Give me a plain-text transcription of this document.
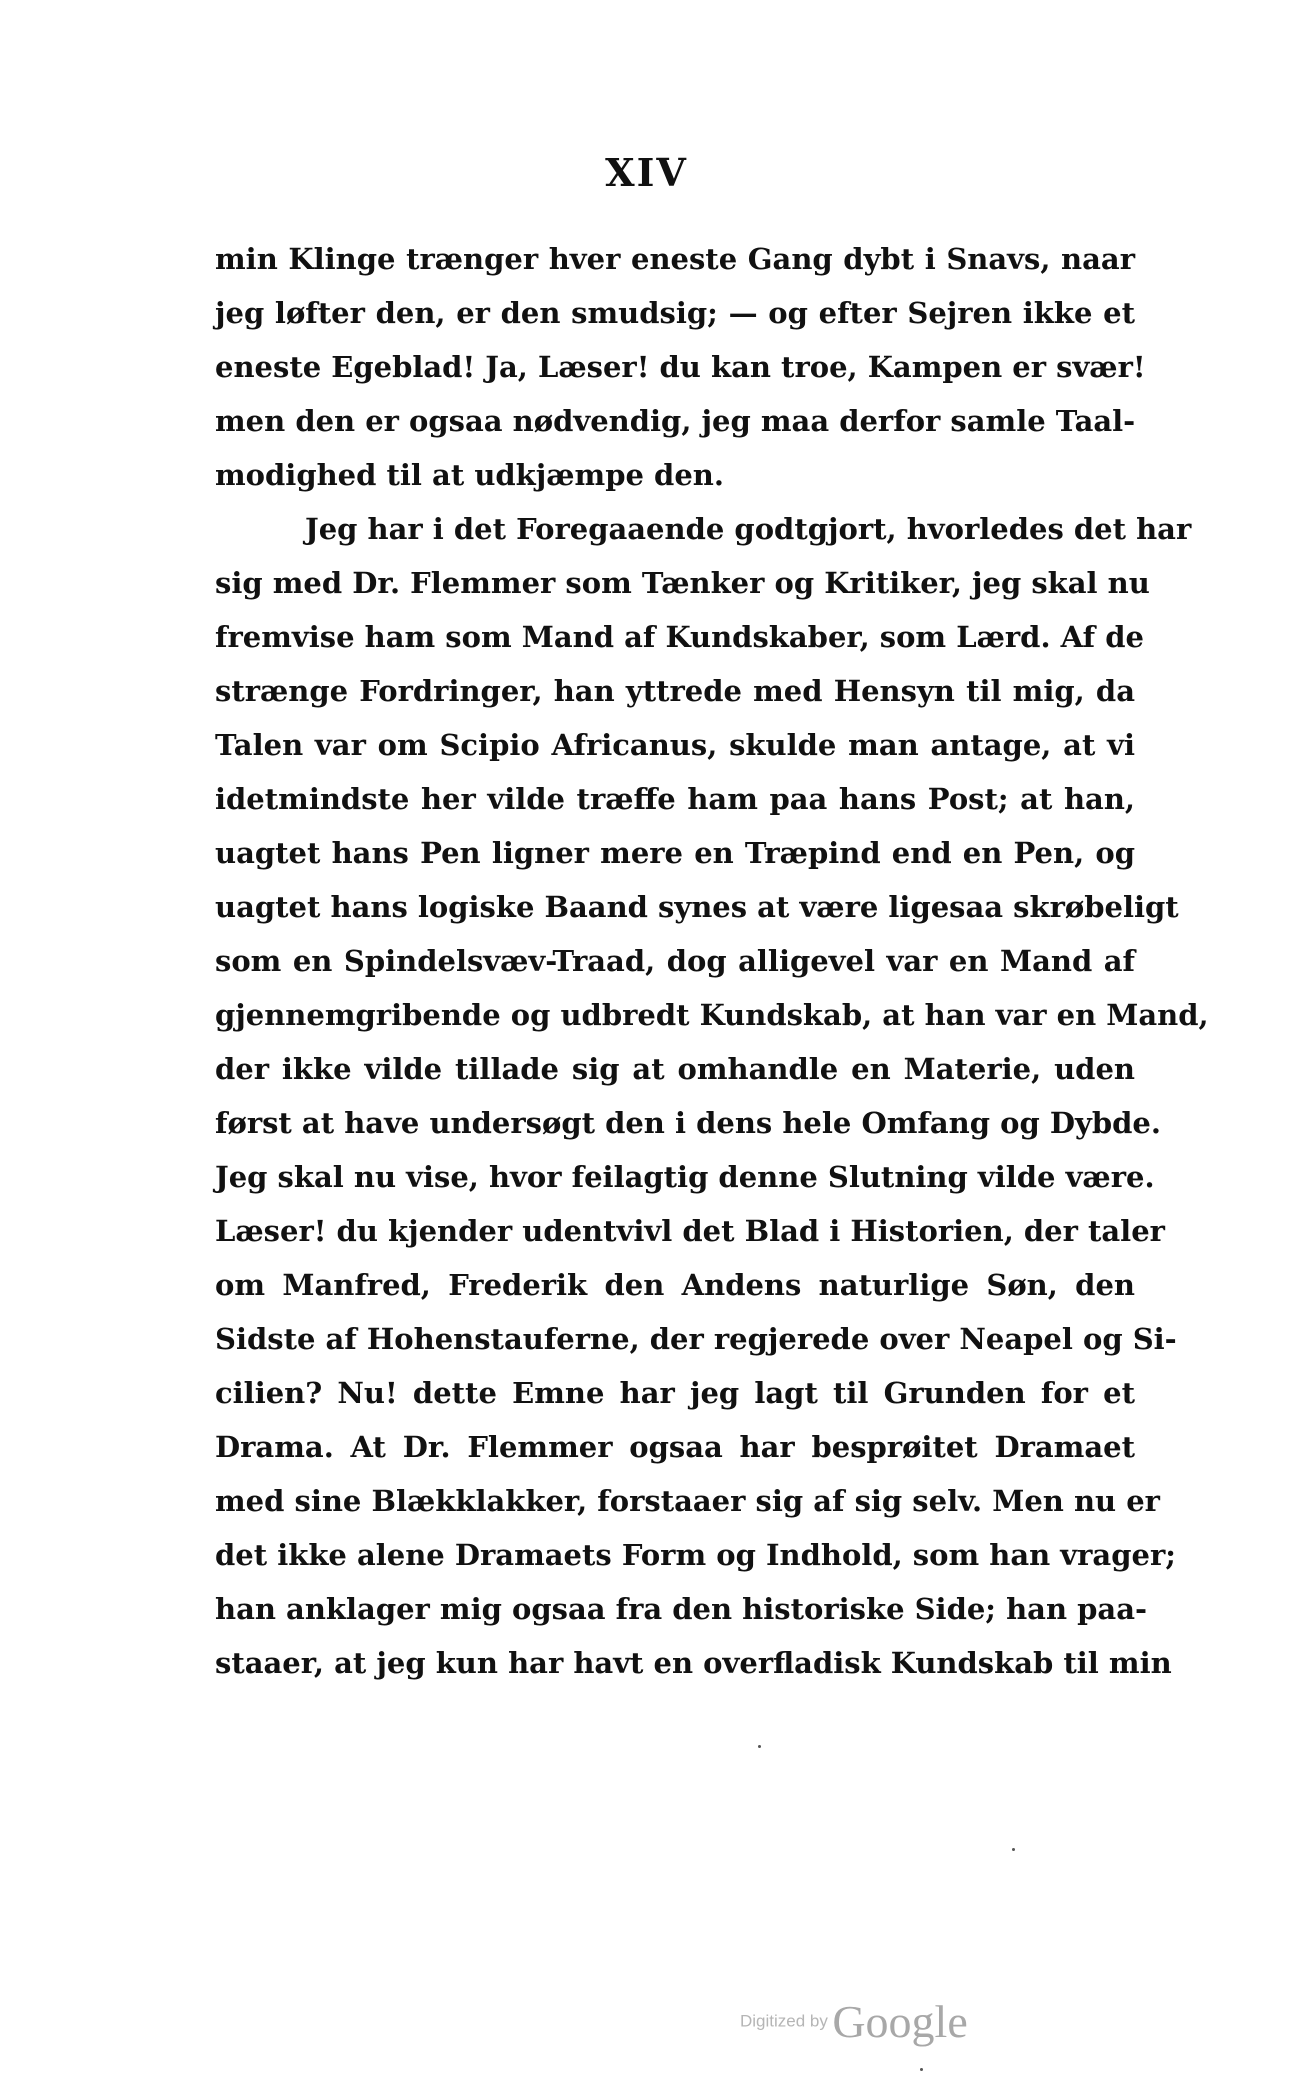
XIV
min Klinge trænger hver eneste Gang dybt i Snavs, naar
jeg løfter den, er den smudsig; — og efter Sejren ikke et
eneste Egeblad! Ja, Læser! du kan troe, Kampen er svær!
men den er ogsaa nødvendig, jeg maa derfor samle Taal-
modighed til at udkjæmpe den.
Jeg har i det Foregaaende godtgjort, hvorledes det har
sig med Dr. Flemmer som Tænker og Kritiker, jeg skal nu
fremvise ham som Mand af Kundskaber, som Lærd. Af de
strænge Fordringer, han yttrede med Hensyn til mig, da
Talen var om Scipio Africanus, skulde man antage, at vi
idetmindste her vilde træffe ham paa hans Post; at han,
uagtet hans Pen ligner mere en Træpind end en Pen, og
uagtet hans logiske Baand synes at være ligesaa skrøbeligt
som en Spindelsvæv-Traad, dog alligevel var en Mand af
gjennemgribende og udbredt Kundskab, at han var en Mand,
der ikke vilde tillade sig at omhandle en Materie, uden
først at have undersøgt den i dens hele Omfang og Dybde.
Jeg skal nu vise, hvor feilagtig denne Slutning vilde være.
Læser! du kjender udentvivl det Blad i Historien, der taler
om Manfred, Frederik den Andens naturlige Søn, den
Sidste af Hohenstauferne, der regjerede over Neapel og Si-
cilien? Nu! dette Emne har jeg lagt til Grunden for et
Drama. At Dr. Flemmer ogsaa har besprøitet Dramaet
med sine Blækklakker, forstaaer sig af sig selv. Men nu er
det ikke alene Dramaets Form og Indhold, som han vrager;
han anklager mig ogsaa fra den historiske Side; han paa-
staaer, at jeg kun har havt en overfladisk Kundskab til min
Digitized by Google
